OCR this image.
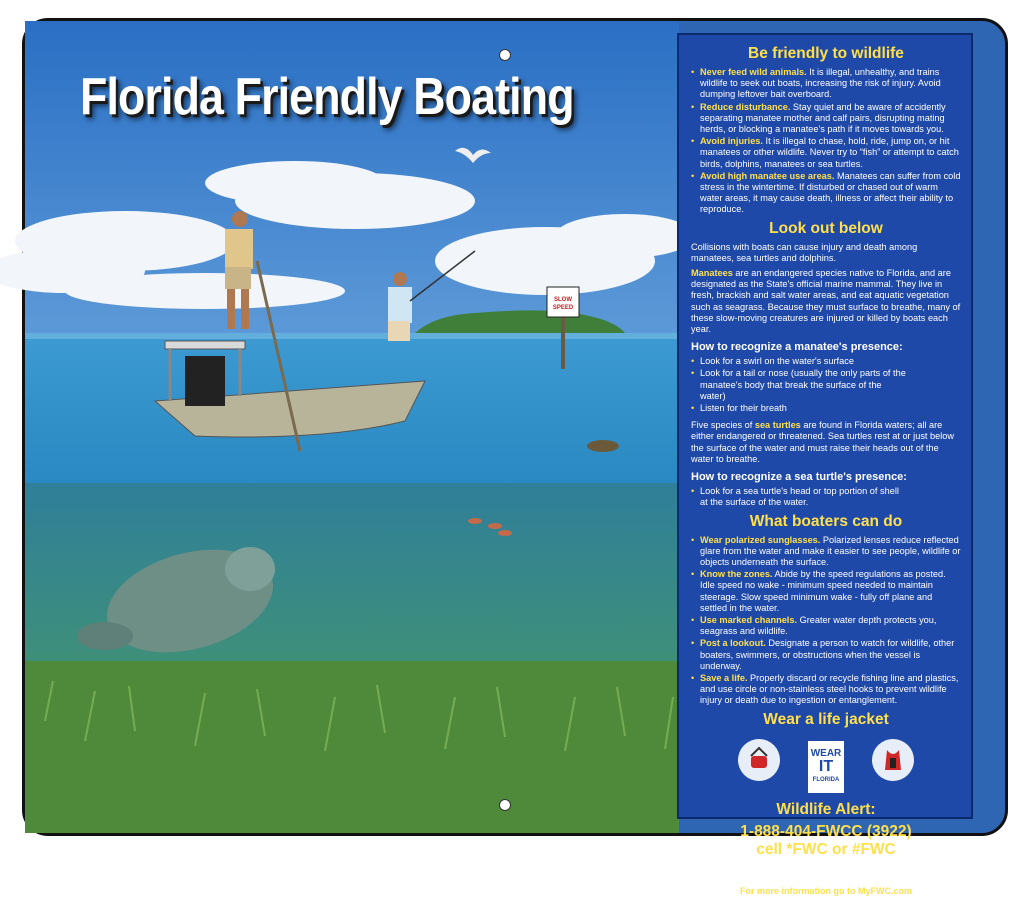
SLOW
SPEED
Florida Friendly Boating
Be friendly to wildlife
• Never feed wild animals. It is illegal, unhealthy, and trains wildlife to seek out boats, increasing the risk of injury. Avoid dumping leftover bait overboard.
• Reduce disturbance. Stay quiet and be aware of accidently separating manatee mother and calf pairs, disrupting mating herds, or blocking a manatee's path if it moves towards you.
• Avoid injuries. It is illegal to chase, hold, ride, jump on, or hit manatees or other wildlife. Never try to “fish” or attempt to catch birds, dolphins, manatees or sea turtles.
• Avoid high manatee use areas. Manatees can suffer from cold stress in the wintertime. If disturbed or chased out of warm water areas, it may cause death, illness or affect their ability to reproduce.
Look out below

Collisions with boats can cause injury and death among manatees, sea turtles and dolphins.

Manatees are an endangered species native to Florida, and are designated as the State's official marine mammal. They live in fresh, brackish and salt water areas, and eat aquatic vegetation such as seagrass. Because they must surface to breathe, many of these slow-moving creatures are injured or killed by boats each year.

How to recognize a manatee's presence:
• Look for a swirl on the water's surface
• Look for a tail or nose (usually the only parts of the manatee's body that break the surface of the water)
• Listen for their breath

Five species of sea turtles are found in Florida waters; all are either endangered or threatened. Sea turtles rest at or just below the surface of the water and must raise their heads out of the water to breathe.

How to recognize a sea turtle's presence:
• Look for a sea turtle's head or top portion of shell at the surface of the water.
What boaters can do
• Wear polarized sunglasses. Polarized lenses reduce reflected glare from the water and make it easier to see people, wildlife or objects underneath the surface.
• Know the zones. Abide by the speed regulations as posted. Idle speed no wake - minimum speed needed to maintain steerage. Slow speed minimum wake - fully off plane and settled in the water.
• Use marked channels. Greater water depth protects you, seagrass and wildlife.
• Post a lookout. Designate a person to watch for wildlife, other boaters, swimmers, or obstructions when the vessel is underway.
• Save a life. Properly discard or recycle fishing line and plastics, and use circle or non-stainless steel hooks to prevent wildlife injury or death due to ingestion or entanglement.
Wear a life jacket
WEAR
IT
FLORIDA

Wildlife Alert:

1-888-404-FWCC (3922)

cell *FWC or #FWC

Report sick, dead, or injured manatees or sea turtles, and any wildlife or boating law violations.

For more information go to MyFWC.com
